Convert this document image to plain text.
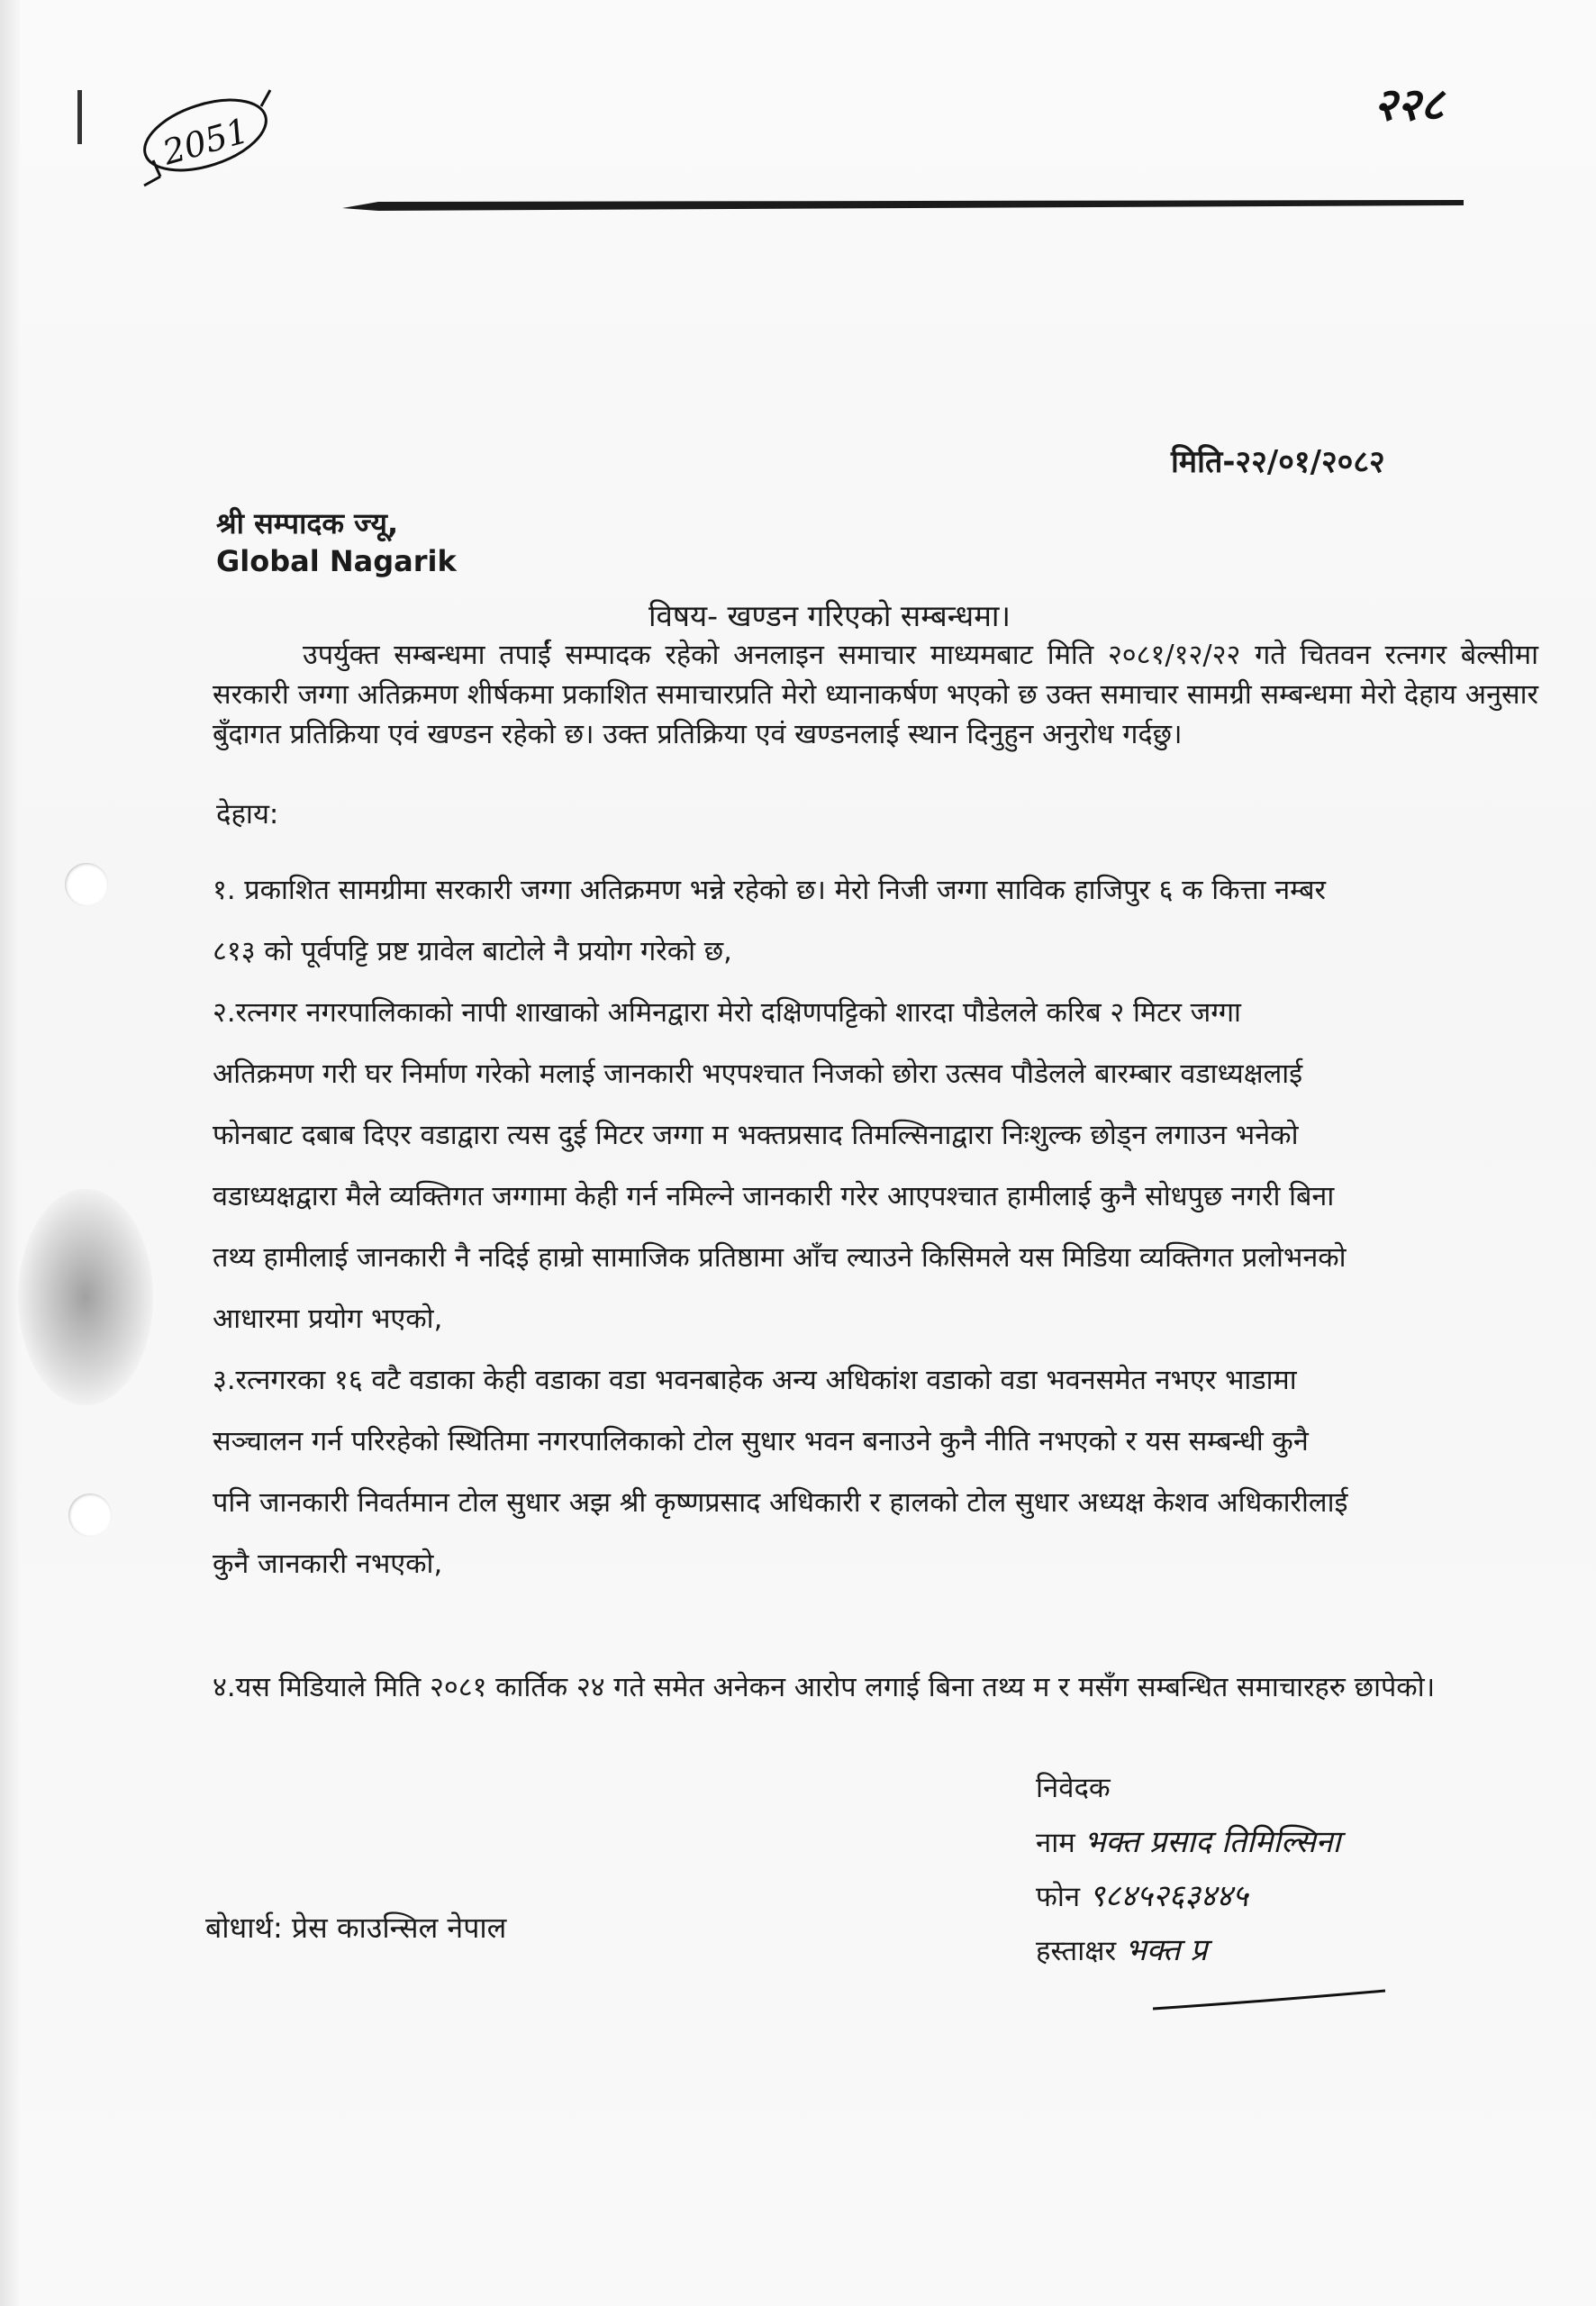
2051
२२८
मिति-२२/०१/२०८२
श्री सम्पादक ज्यू,
Global Nagarik
विषय- खण्डन गरिएको सम्बन्धमा।
उपर्युक्त सम्बन्धमा तपाईं सम्पादक रहेको अनलाइन समाचार माध्यमबाट मिति २०८१/१२/२२ गते चितवन रत्नगर बेल्सीमा सरकारी जग्गा अतिक्रमण शीर्षकमा प्रकाशित समाचारप्रति मेरो ध्यानाकर्षण भएको छ उक्त समाचार सामग्री सम्बन्धमा मेरो देहाय अनुसार बुँदागत प्रतिक्रिया एवं खण्डन रहेको छ। उक्त प्रतिक्रिया एवं खण्डनलाई स्थान दिनुहुन अनुरोध गर्दछु।
देहाय:
१. प्रकाशित सामग्रीमा सरकारी जग्गा अतिक्रमण भन्ने रहेको छ। मेरो निजी जग्गा साविक हाजिपुर ६ क कित्ता नम्बर
८१३ को पूर्वपट्टि प्रष्ट ग्रावेल बाटोले नै प्रयोग गरेको छ,
२.रत्नगर नगरपालिकाको नापी शाखाको अमिनद्वारा मेरो दक्षिणपट्टिको शारदा पौडेलले करिब २ मिटर जग्गा
अतिक्रमण गरी घर निर्माण गरेको मलाई जानकारी भएपश्चात निजको छोरा उत्सव पौडेलले बारम्बार वडाध्यक्षलाई
फोनबाट दबाब दिएर वडाद्वारा त्यस दुई मिटर जग्गा म भक्तप्रसाद तिमल्सिनाद्वारा निःशुल्क छोड्न लगाउन भनेको
वडाध्यक्षद्वारा मैले व्यक्तिगत जग्गामा केही गर्न नमिल्ने जानकारी गरेर आएपश्चात हामीलाई कुनै सोधपुछ नगरी बिना
तथ्य हामीलाई जानकारी नै नदिई हाम्रो सामाजिक प्रतिष्ठामा आँच ल्याउने किसिमले यस मिडिया व्यक्तिगत प्रलोभनको
आधारमा प्रयोग भएको,
३.रत्नगरका १६ वटै वडाका केही वडाका वडा भवनबाहेक अन्य अधिकांश वडाको वडा भवनसमेत नभएर भाडामा
सञ्चालन गर्न परिरहेको स्थितिमा नगरपालिकाको टोल सुधार भवन बनाउने कुनै नीति नभएको र यस सम्बन्धी कुनै
पनि जानकारी निवर्तमान टोल सुधार अझ श्री कृष्णप्रसाद अधिकारी र हालको टोल सुधार अध्यक्ष केशव अधिकारीलाई
कुनै जानकारी नभएको,
४.यस मिडियाले मिति २०८१ कार्तिक २४ गते समेत अनेकन आरोप लगाई बिना तथ्य म र मसँग सम्बन्धित समाचारहरु छापेको।
निवेदक
नाम भक्त प्रसाद तिमिल्सिना
फोन ९८४५२६३४४५
हस्ताक्षर भक्त प्र
बोधार्थ: प्रेस काउन्सिल नेपाल
